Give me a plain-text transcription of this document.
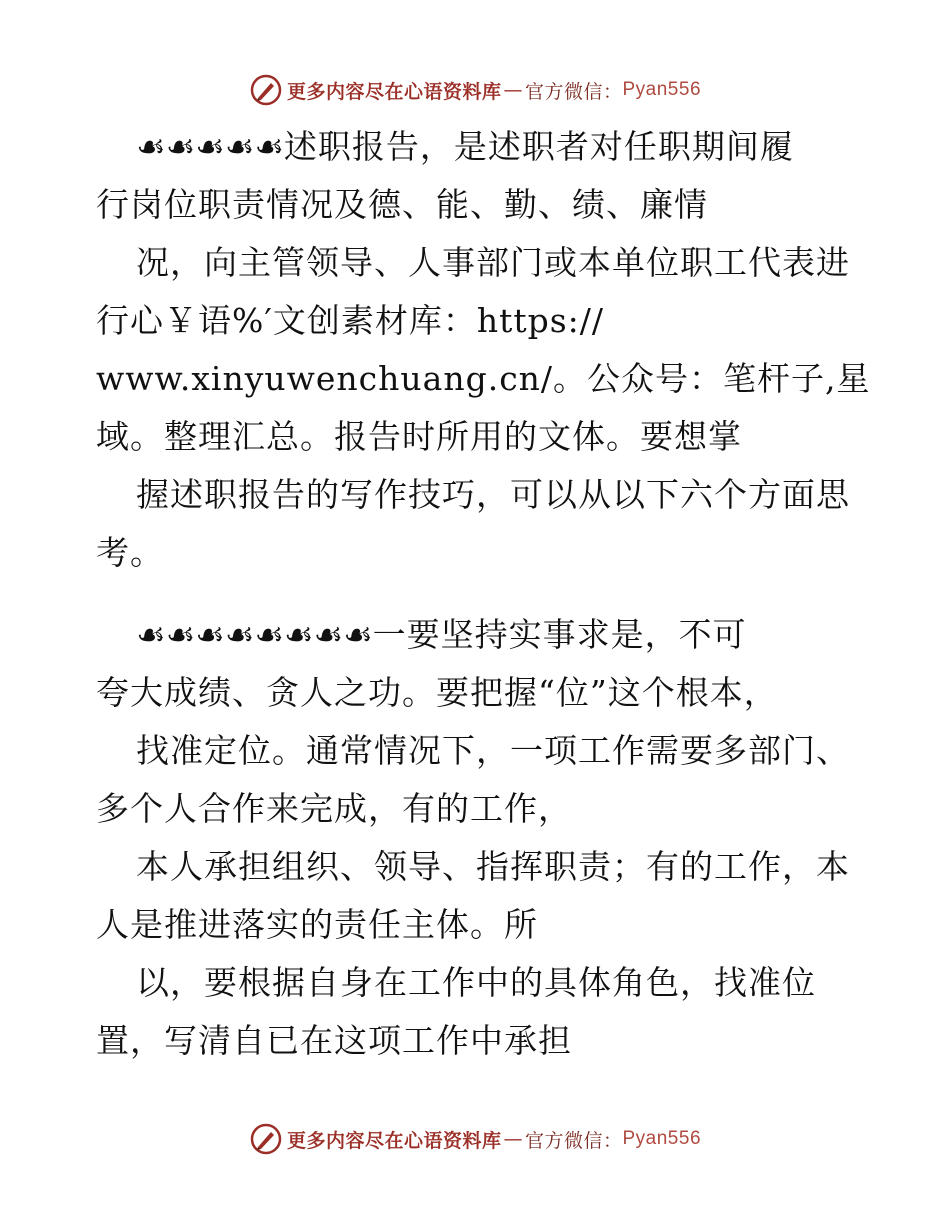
更多内容尽在心语资料库 — 官方微信： Pyan556
☙☙☙☙☙述职报告，是述职者对任职期间履
行岗位职责情况及德、能、勤、绩、廉情
况，向主管领导、人事部门或本单位职工代表进
行心￥语%′文创素材库：https://
www.xinyuwenchuang.cn/。公众号：笔杆子,星
域。整理汇总。报告时所用的文体。要想掌
握述职报告的写作技巧，可以从以下六个方面思
考。
☙☙☙☙☙☙☙☙一要坚持实事求是，不可
夸大成绩、贪人之功。要把握“位”这个根本，
找准定位。通常情况下，一项工作需要多部门、
多个人合作来完成，有的工作，
本人承担组织、领导、指挥职责；有的工作，本
人是推进落实的责任主体。所
以，要根据自身在工作中的具体角色，找准位
置，写清自已在这项工作中承担
更多内容尽在心语资料库 — 官方微信： Pyan556
